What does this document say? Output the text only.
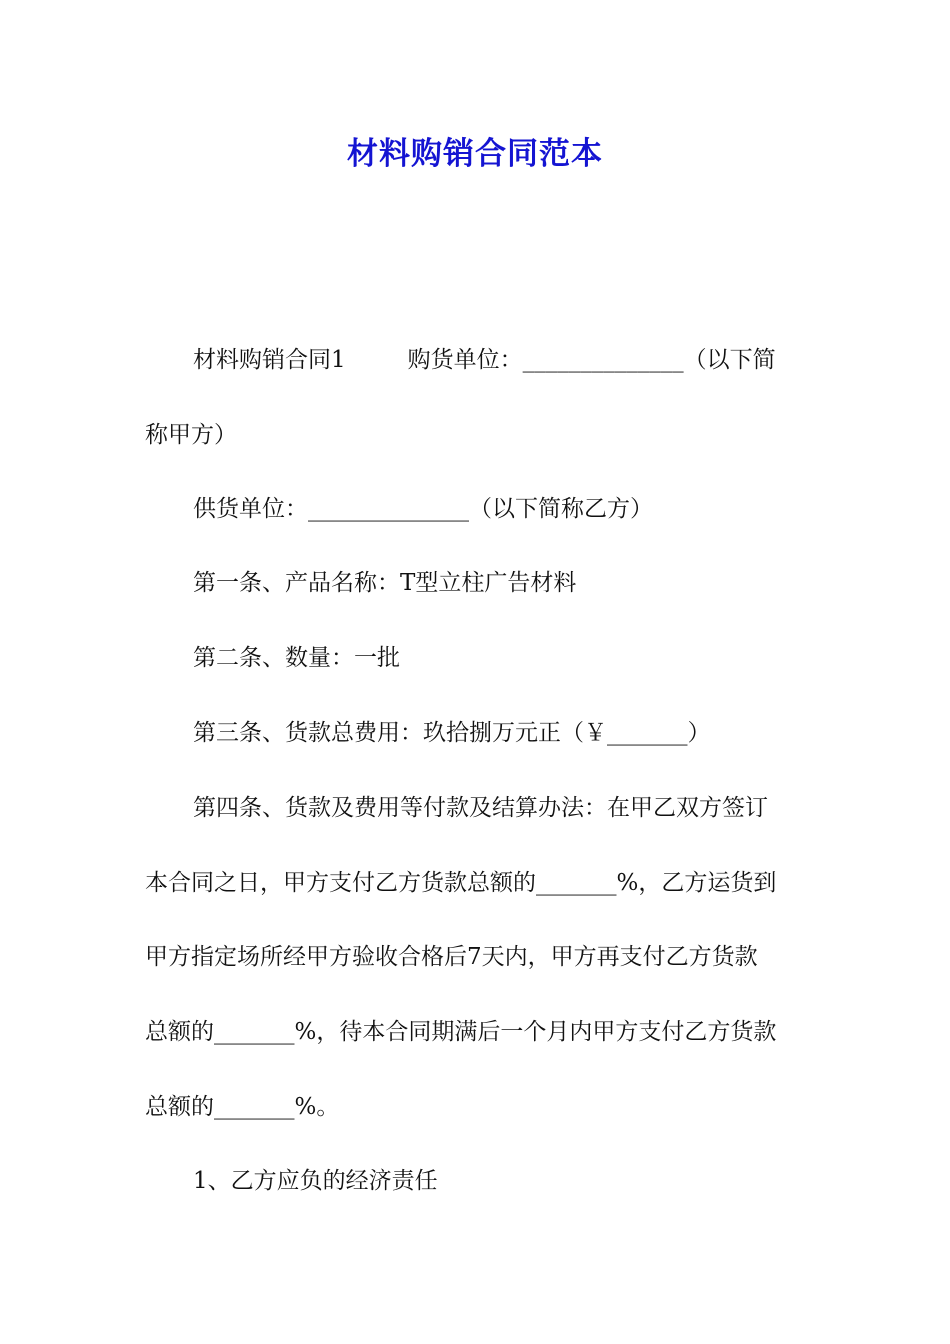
材料购销合同范本
材料购销合同1	购货单位：______________（以下简
称甲方）
供货单位：______________（以下简称乙方）
第一条、产品名称：T型立柱广告材料
第二条、数量：一批
第三条、货款总费用：玖拾捌万元正（￥_______）
第四条、货款及费用等付款及结算办法：在甲乙双方签订
本合同之日，甲方支付乙方货款总额的_______%，乙方运货到
甲方指定场所经甲方验收合格后7天内，甲方再支付乙方货款
总额的_______%，待本合同期满后一个月内甲方支付乙方货款
总额的_______%。
1、乙方应负的经济责任
